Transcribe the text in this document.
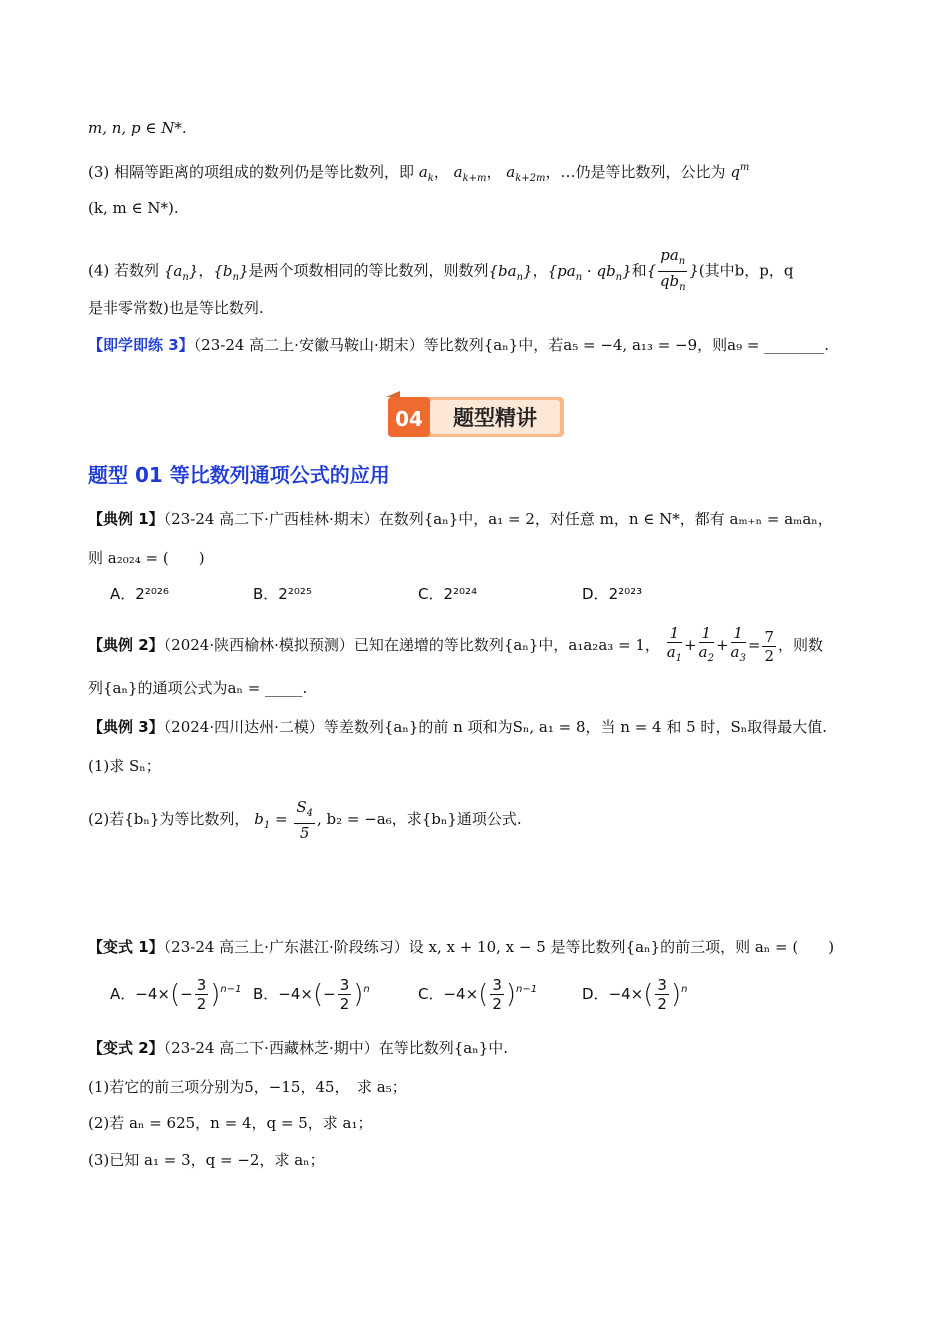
m, n, p ∈ N*.
(3) 相隔等距离的项组成的数列仍是等比数列，即 $a_k$， $a_{k+m}$， $a_{k+2m}$，…仍是等比数列，公比为 $q^m$
(k, m ∈ N*).
(4) 若数列 $\{a_n\}$，$\{b_n\}$是两个项数相同的等比数列，则数列$\{ba_n\}$，$\{pa_n \cdot qb_n\}$和{ $\frac{pa_n}{qb_n}$ }(其中b，p，q
是非零常数)也是等比数列.
【即学即练 3】（23-24 高二上·安徽马鞍山·期末）等比数列{aₙ}中，若a₅ = −4, a₁₃ = −9，则a₉ = ________.
04 题型精讲
题型 01 等比数列通项公式的应用
【典例 1】（23-24 高二下·广西桂林·期末）在数列{aₙ}中，a₁ = 2，对任意 m，n ∈ N*，都有 aₘ₊ₙ = aₘaₙ，
则 a₂₀₂₄ = (　　)
A．2²⁰²⁶	B．2²⁰²⁵	C．2²⁰²⁴	D．2²⁰²³
【典例 2】（2024·陕西榆林·模拟预测）已知在递增的等比数列{aₙ}中，a₁a₂a₃ = 1， $\frac{1}{a_1} + \frac{1}{a_2} + \frac{1}{a_3} = \frac{7}{2}$ ，则数
列{aₙ}的通项公式为aₙ = _____.
【典例 3】（2024·四川达州·二模）等差数列{aₙ}的前 n 项和为Sₙ, a₁ = 8，当 n = 4 和 5 时，Sₙ取得最大值.
(1)求 Sₙ；
(2)若{bₙ}为等比数列， $b_1 = \frac{S_4}{5}$ , b₂ = −a₆，求{bₙ}通项公式.
【变式 1】（23-24 高三上·广东湛江·阶段练习）设 x, x + 10, x − 5 是等比数列{aₙ}的前三项，则 aₙ = (　　)
A．$-4\times(- \frac{3}{2} )^{n-1}$ B．$-4\times(- \frac{3}{2} )^n$	C．$-4\times( \frac{3}{2} )^{n-1}$	D．$-4\times( \frac{3}{2} )^n$
【变式 2】（23-24 高二下·西藏林芝·期中）在等比数列{aₙ}中.
(1)若它的前三项分别为5，−15，45，　求 a₅；
(2)若 aₙ = 625，n = 4，q = 5，求 a₁；
(3)已知 a₁ = 3，q = −2，求 aₙ；
